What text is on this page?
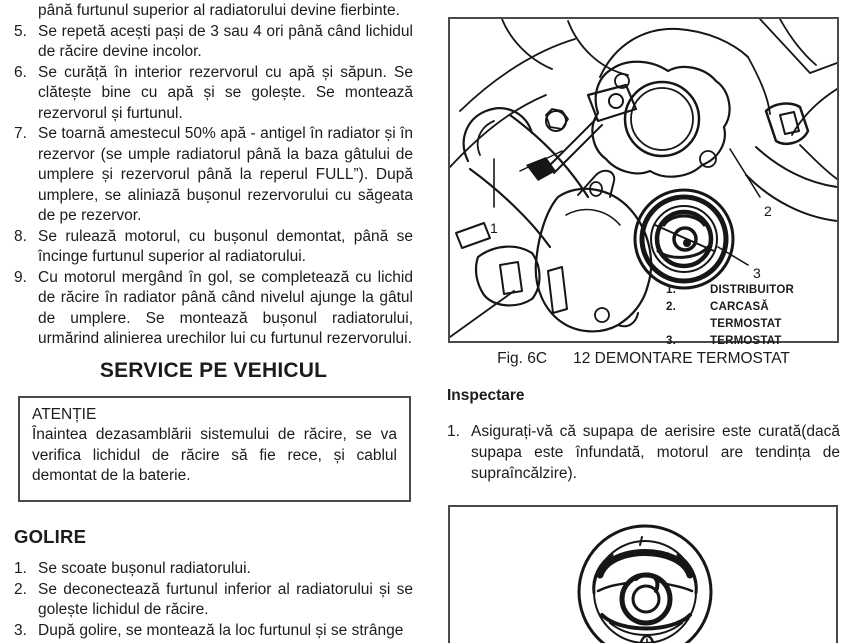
până furtunul superior al radiatorului devine fierbinte.
5. Se repetă acești pași de 3 sau 4 ori până când lichidul de răcire devine incolor.
6. Se curăță în interior rezervorul cu apă și săpun. Se clătește bine cu apă și se golește. Se montează rezervorul și furtunul.
7. Se toarnă amestecul 50% apă - antigel în radiator și în rezervor (se umple radiatorul până la baza gâtului de umplere și rezervorul până la reperul FULL”). După umplere, se aliniază bușonul rezervorului cu săgeata de pe rezervor.
8. Se rulează motorul, cu bușonul demontat, până se încinge furtunul superior al radiatorului.
9. Cu motorul mergând în gol, se completează cu lichid de răcire în radiator până când nivelul ajunge la gâtul de umplere. Se montează bușonul radiatorului, urmărind alinierea urechilor lui cu furtunul rezervorului.
SERVICE PE VEHICUL
ATENȚIE
Înaintea dezasamblării sistemului de răcire, se va verifica lichidul de răcire să fie rece, și cablul demontat de la baterie.
GOLIRE
1. Se scoate bușonul radiatorului.
2. Se deconectează furtunul inferior al radiatorului și se golește lichidul de răcire.
3. După golire, se montează la loc furtunul și se strânge
1
2
3
1.	DISTRIBUITOR
2.	CARCASĂ TERMOSTAT
3.	TERMOSTAT
Fig. 6C 12 DEMONTARE TERMOSTAT
Inspectare
1. Asigurați-vă că supapa de aerisire este curată(dacă supapa este înfundată, motorul are tendința de supraîncălzire).
